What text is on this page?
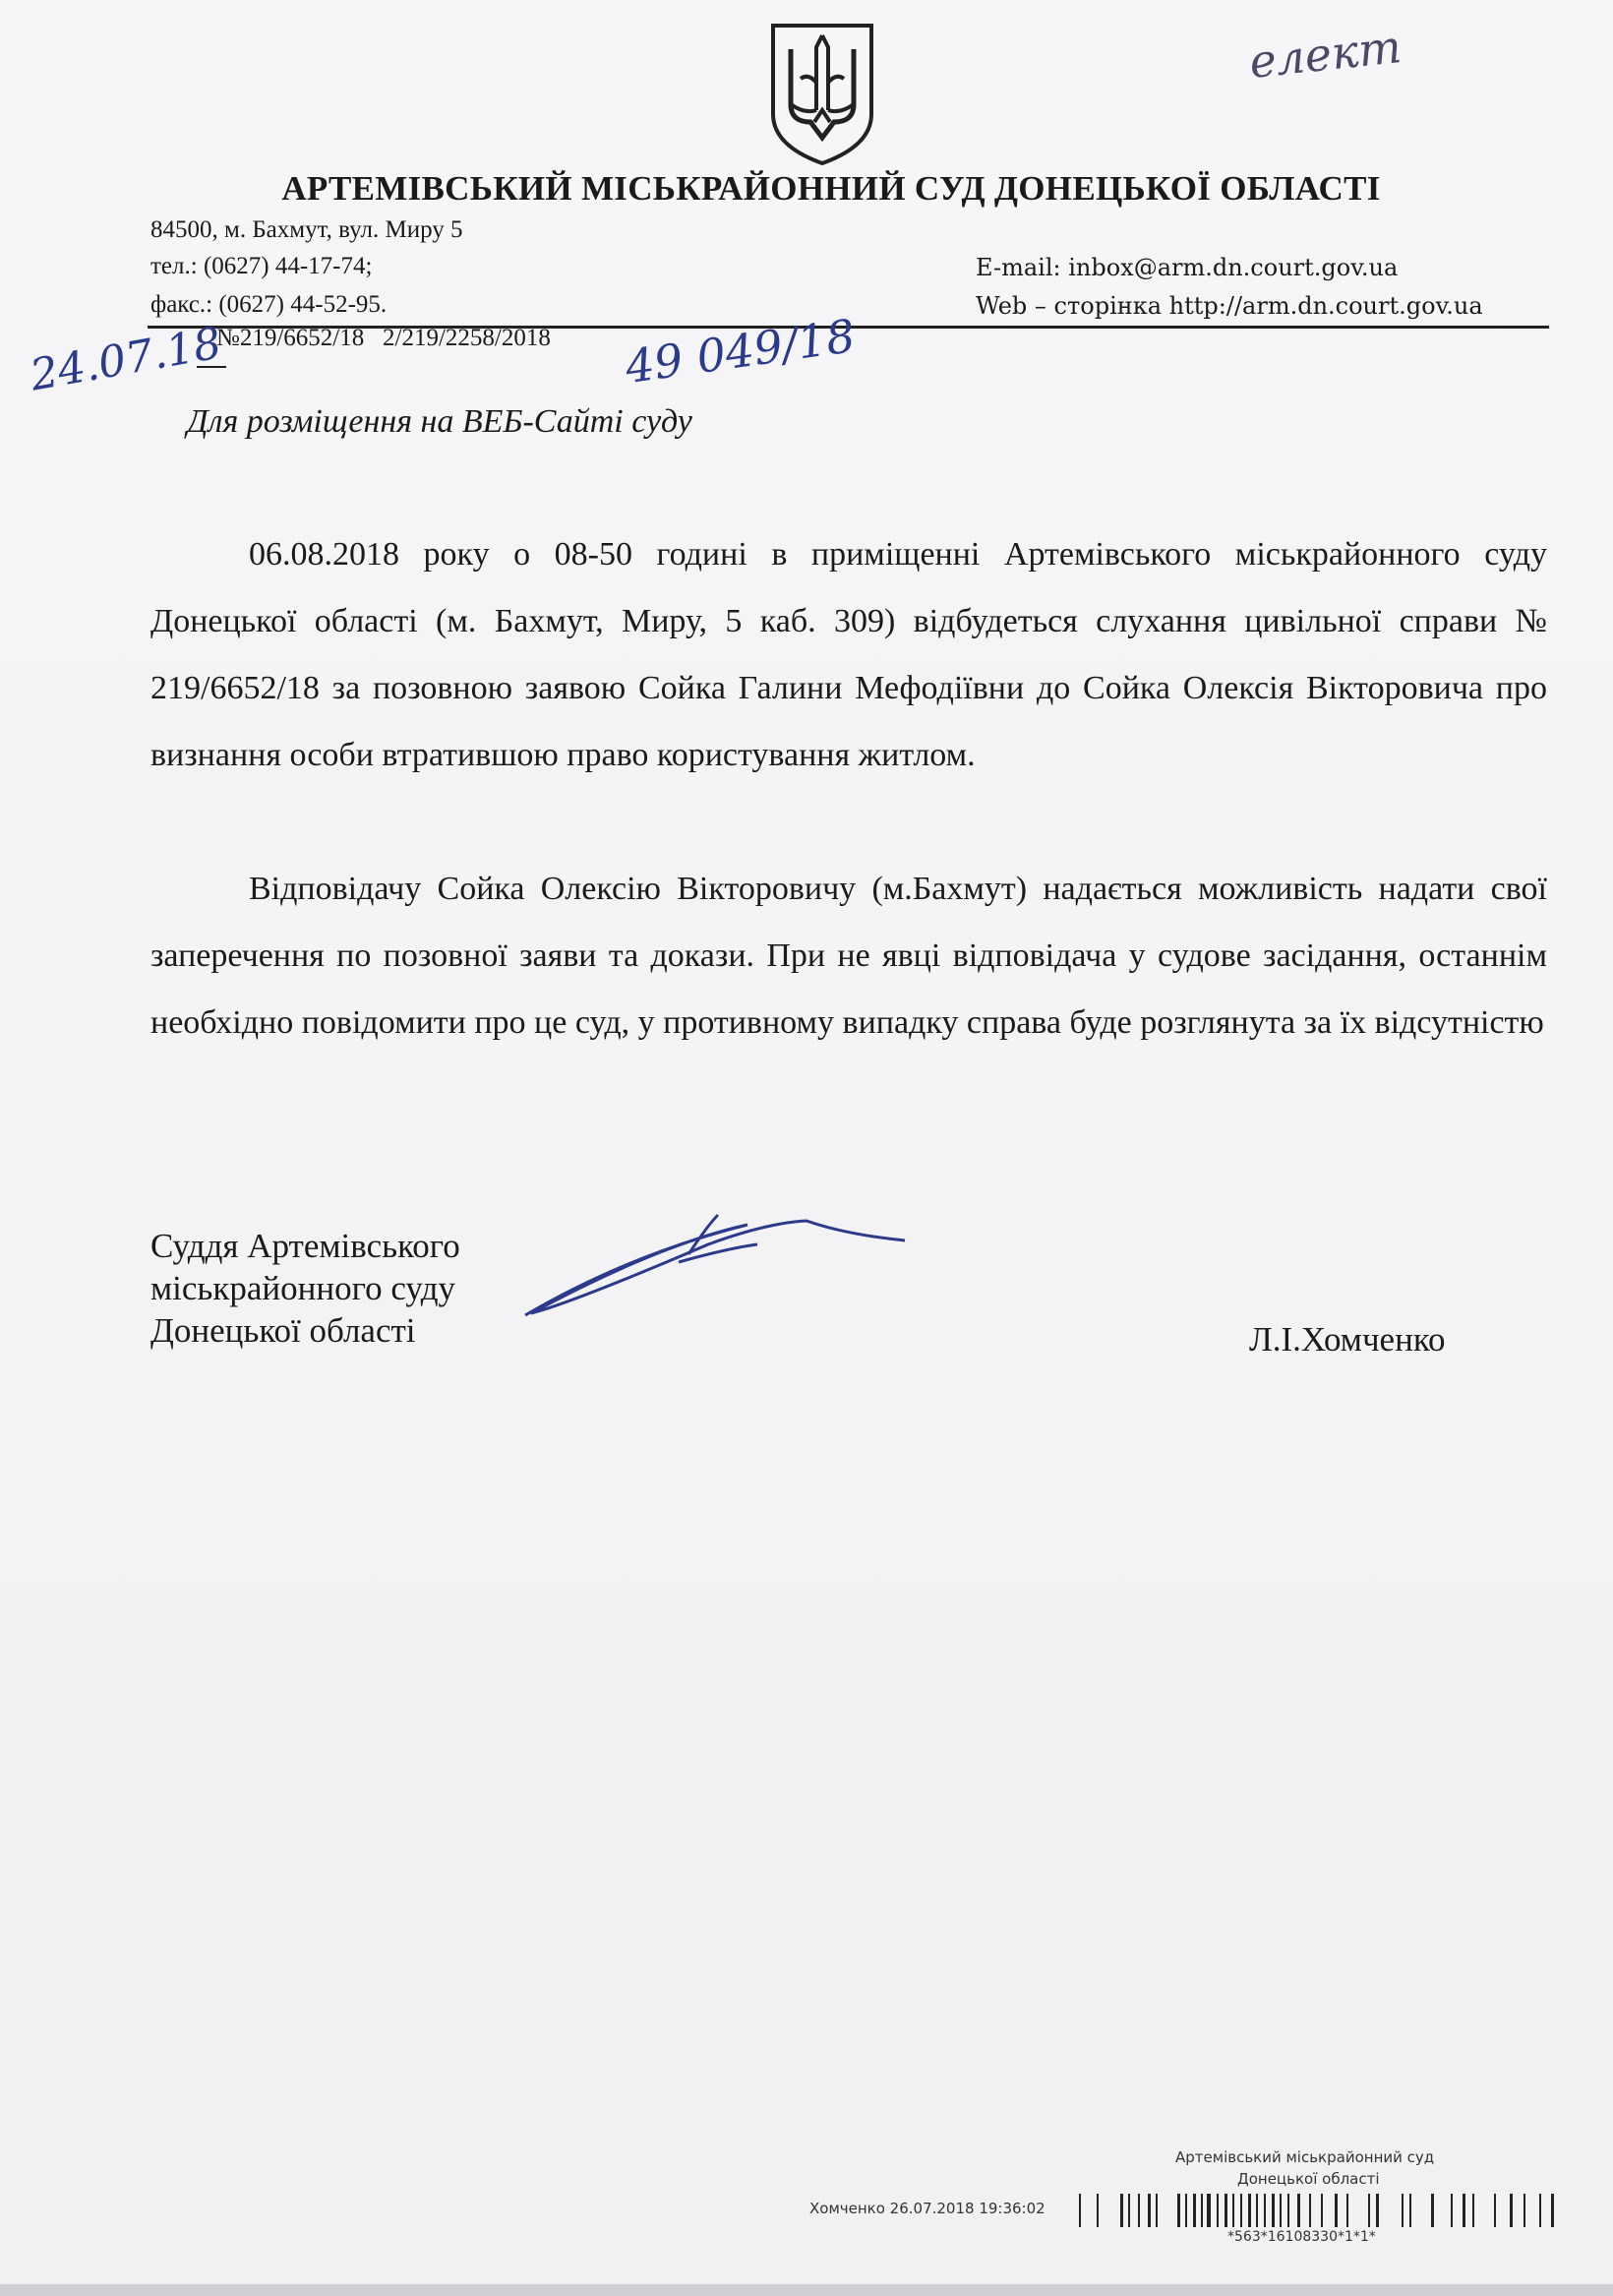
елект
АРТЕМІВСЬКИЙ МІСЬКРАЙОННИЙ СУД ДОНЕЦЬКОЇ ОБЛАСТІ
84500, м. Бахмут, вул. Миру 5
тел.: (0627) 44-17-74;
факс.: (0627) 44-52-95.
E-mail: inbox@arm.dn.court.gov.ua
Web – сторінка http://arm.dn.court.gov.ua
24.07.18
№219/6652/18   2/219/2258/2018 49 049/18
Для розміщення на ВЕБ-Сайті суду
06.08.2018 року о 08-50 годині в приміщенні Артемівського міськрайонного суду Донецької області (м. Бахмут, Миру, 5 каб. 309) відбудеться слухання цивільної справи № 219/6652/18 за позовною заявою Сойка Галини Мефодіївни до Сойка Олексія Вікторовича про визнання особи втратившою право користування житлом.
Відповідачу Сойка Олексію Вікторовичу (м.Бахмут) надається можливість надати свої заперечення по позовної заяви та докази. При не явці відповідача у судове засідання, останнім необхідно повідомити про це суд, у противному випадку справа буде розглянута за їх відсутністю
Суддя Артемівського
міськрайонного суду
Донецької області	Л.І.Хомченко
Артемівський міськрайонний суд
Донецької області
Хомченко 26.07.2018 19:36:02
*563*16108330*1*1*
